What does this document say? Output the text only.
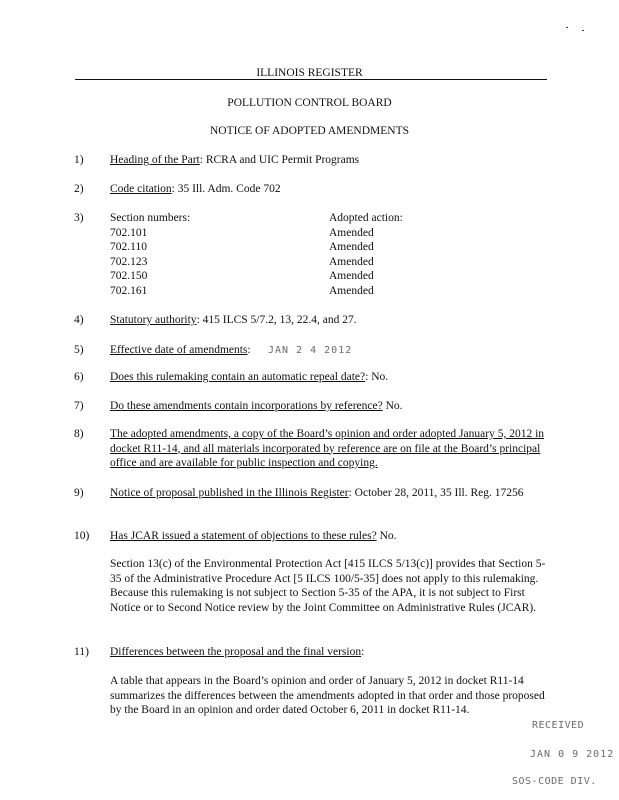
ILLINOIS REGISTER
POLLUTION CONTROL BOARD
NOTICE OF ADOPTED AMENDMENTS
1) Heading of the Part: RCRA and UIC Permit Programs
2) Code citation: 35 Ill. Adm. Code 702
3) Section numbers:	Adopted action:
702.101	Amended
702.110	Amended
702.123	Amended
702.150	Amended
702.161	Amended
4) Statutory authority: 415 ILCS 5/7.2, 13, 22.4, and 27.
5) Effective date of amendments: JAN 2 4 2012
6) Does this rulemaking contain an automatic repeal date?: No.
7) Do these amendments contain incorporations by reference? No.
8) The adopted amendments, a copy of the Board’s opinion and order adopted January 5, 2012 in docket R11-14, and all materials incorporated by reference are on file at the Board’s principal office and are available for public inspection and copying.
9) Notice of proposal published in the Illinois Register: October 28, 2011, 35 Ill. Reg. 17256
10) Has JCAR issued a statement of objections to these rules? No.
Section 13(c) of the Environmental Protection Act [415 ILCS 5/13(c)] provides that Section 5-35 of the Administrative Procedure Act [5 ILCS 100/5-35] does not apply to this rulemaking. Because this rulemaking is not subject to Section 5-35 of the APA, it is not subject to First Notice or to Second Notice review by the Joint Committee on Administrative Rules (JCAR).
11) Differences between the proposal and the final version:
A table that appears in the Board’s opinion and order of January 5, 2012 in docket R11-14 summarizes the differences between the amendments adopted in that order and those proposed by the Board in an opinion and order dated October 6, 2011 in docket R11-14.
RECEIVED
JAN 0 9 2012
SOS-CODE DIV.
